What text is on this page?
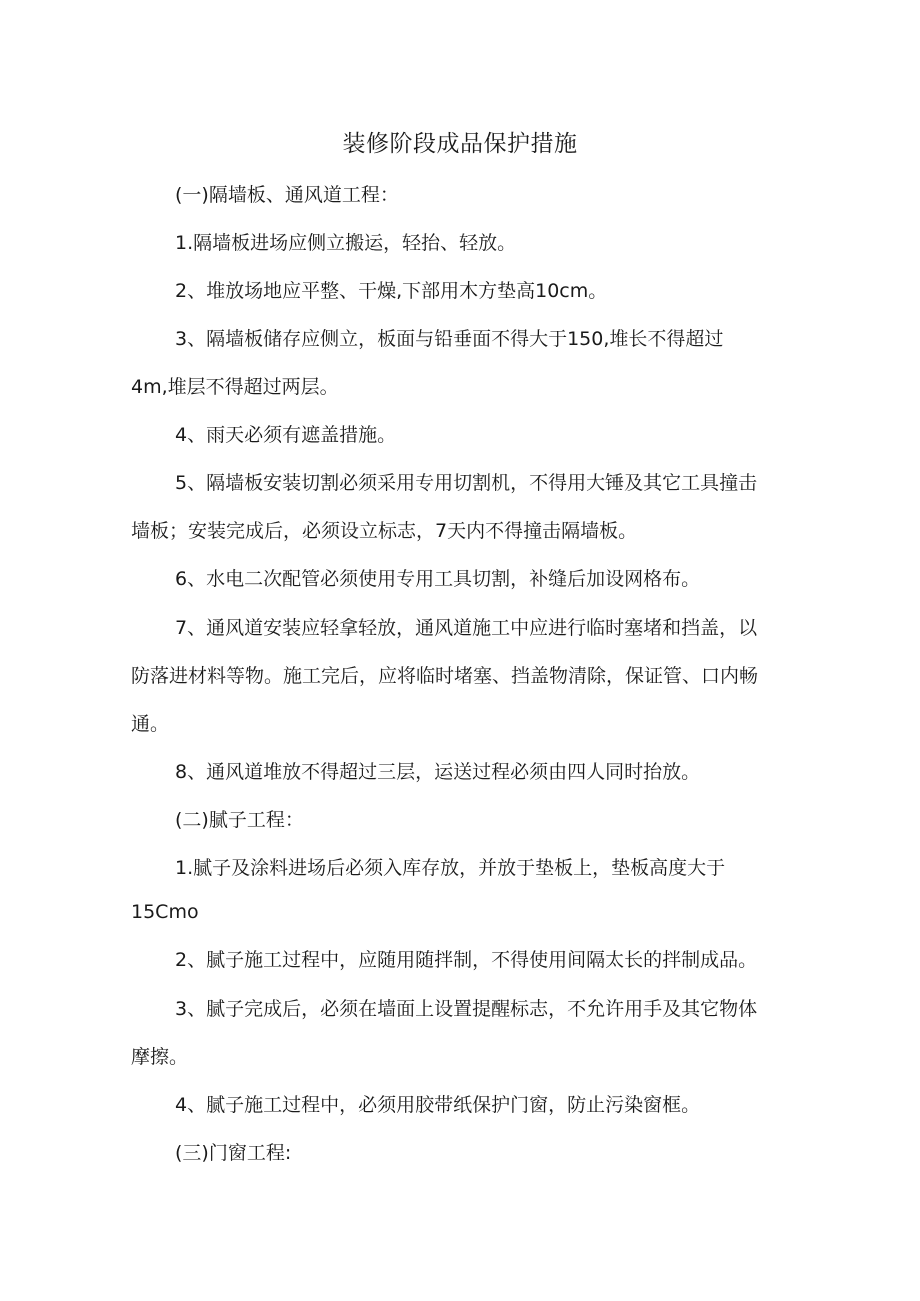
装修阶段成品保护措施
(一)隔墙板、通风道工程：
1.隔墙板进场应侧立搬运，轻抬、轻放。
2、堆放场地应平整、干燥,下部用木方垫高10cm。
3、隔墙板储存应侧立，板面与铅垂面不得大于150,堆长不得超过
4m,堆层不得超过两层。
4、雨天必须有遮盖措施。
5、隔墙板安装切割必须采用专用切割机，不得用大锤及其它工具撞击
墙板；安装完成后，必须设立标志，7天内不得撞击隔墙板。
6、水电二次配管必须使用专用工具切割，补缝后加设网格布。
7、通风道安装应轻拿轻放，通风道施工中应进行临时塞堵和挡盖，以
防落进材料等物。施工完后，应将临时堵塞、挡盖物清除，保证管、口内畅
通。
8、通风道堆放不得超过三层，运送过程必须由四人同时抬放。
(二)腻子工程：
1.腻子及涂料进场后必须入库存放，并放于垫板上，垫板高度大于
15Cmo
2、腻子施工过程中，应随用随拌制，不得使用间隔太长的拌制成品。
3、腻子完成后，必须在墙面上设置提醒标志，不允许用手及其它物体
摩擦。
4、腻子施工过程中，必须用胶带纸保护门窗，防止污染窗框。
(三)门窗工程:
